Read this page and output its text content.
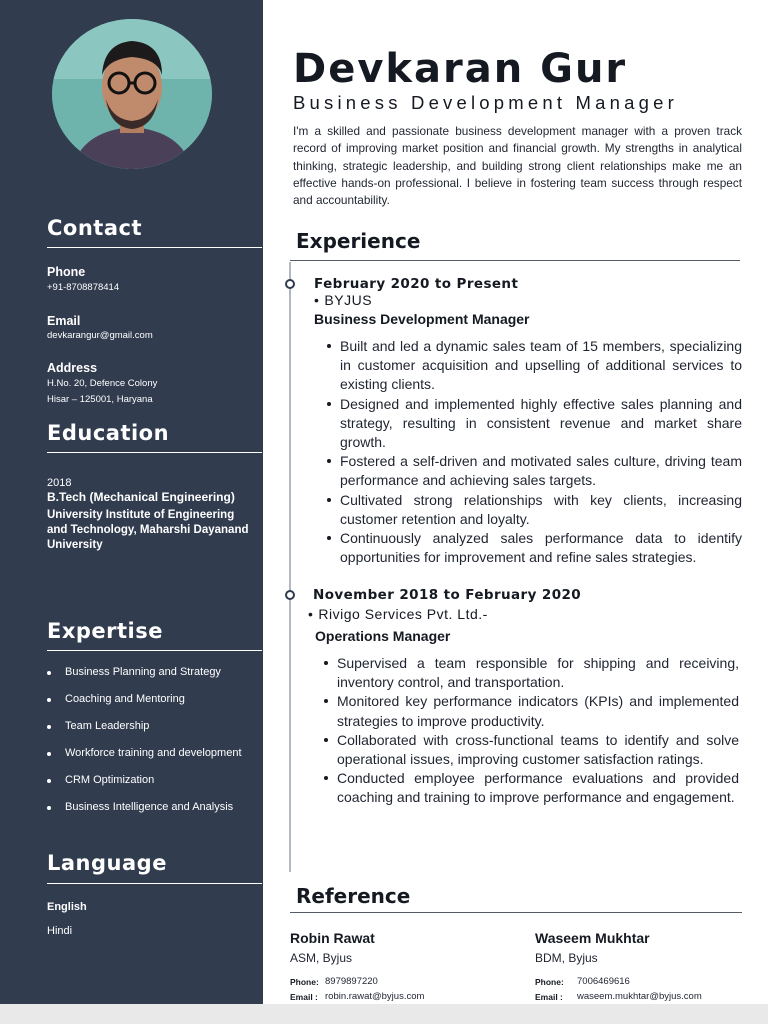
Contact
Phone
+91-8708878414
Email
devkarangur@gmail.com
Address
H.No. 20, Defence Colony
Hisar – 125001, Haryana
Education
2018
B.Tech (Mechanical Engineering)
University Institute of Engineering and Technology, Maharshi Dayanand University
Expertise
Business Planning and Strategy
Coaching and Mentoring
Team Leadership
Workforce training and development
CRM Optimization
Business Intelligence and Analysis
Language
English
Hindi
Devkaran Gur
Business Development Manager
I'm a skilled and passionate business development manager with a proven track record of improving market position and financial growth. My strengths in analytical thinking, strategic leadership, and building strong client relationships make me an effective hands-on professional. I believe in fostering team success through respect and accountability.
Experience
February 2020 to Present
• BYJUS
Business Development Manager
Built and led a dynamic sales team of 15 members, specializing in customer acquisition and upselling of additional services to existing clients.
Designed and implemented highly effective sales planning and strategy, resulting in consistent revenue and market share growth.
Fostered a self-driven and motivated sales culture, driving team performance and achieving sales targets.
Cultivated strong relationships with key clients, increasing customer retention and loyalty.
Continuously analyzed sales performance data to identify opportunities for improvement and refine sales strategies.
November 2018 to February 2020
• Rivigo Services Pvt. Ltd.-
Operations Manager
Supervised a team responsible for shipping and receiving, inventory control, and transportation.
Monitored key performance indicators (KPIs) and implemented strategies to improve productivity.
Collaborated with cross-functional teams to identify and solve operational issues, improving customer satisfaction ratings.
Conducted employee performance evaluations and provided coaching and training to improve performance and engagement.
Reference
Robin Rawat
ASM, Byjus
Phone: 8979897220
Email : robin.rawat@byjus.com
Waseem Mukhtar
BDM, Byjus
Phone: 7006469616
Email : waseem.mukhtar@byjus.com
